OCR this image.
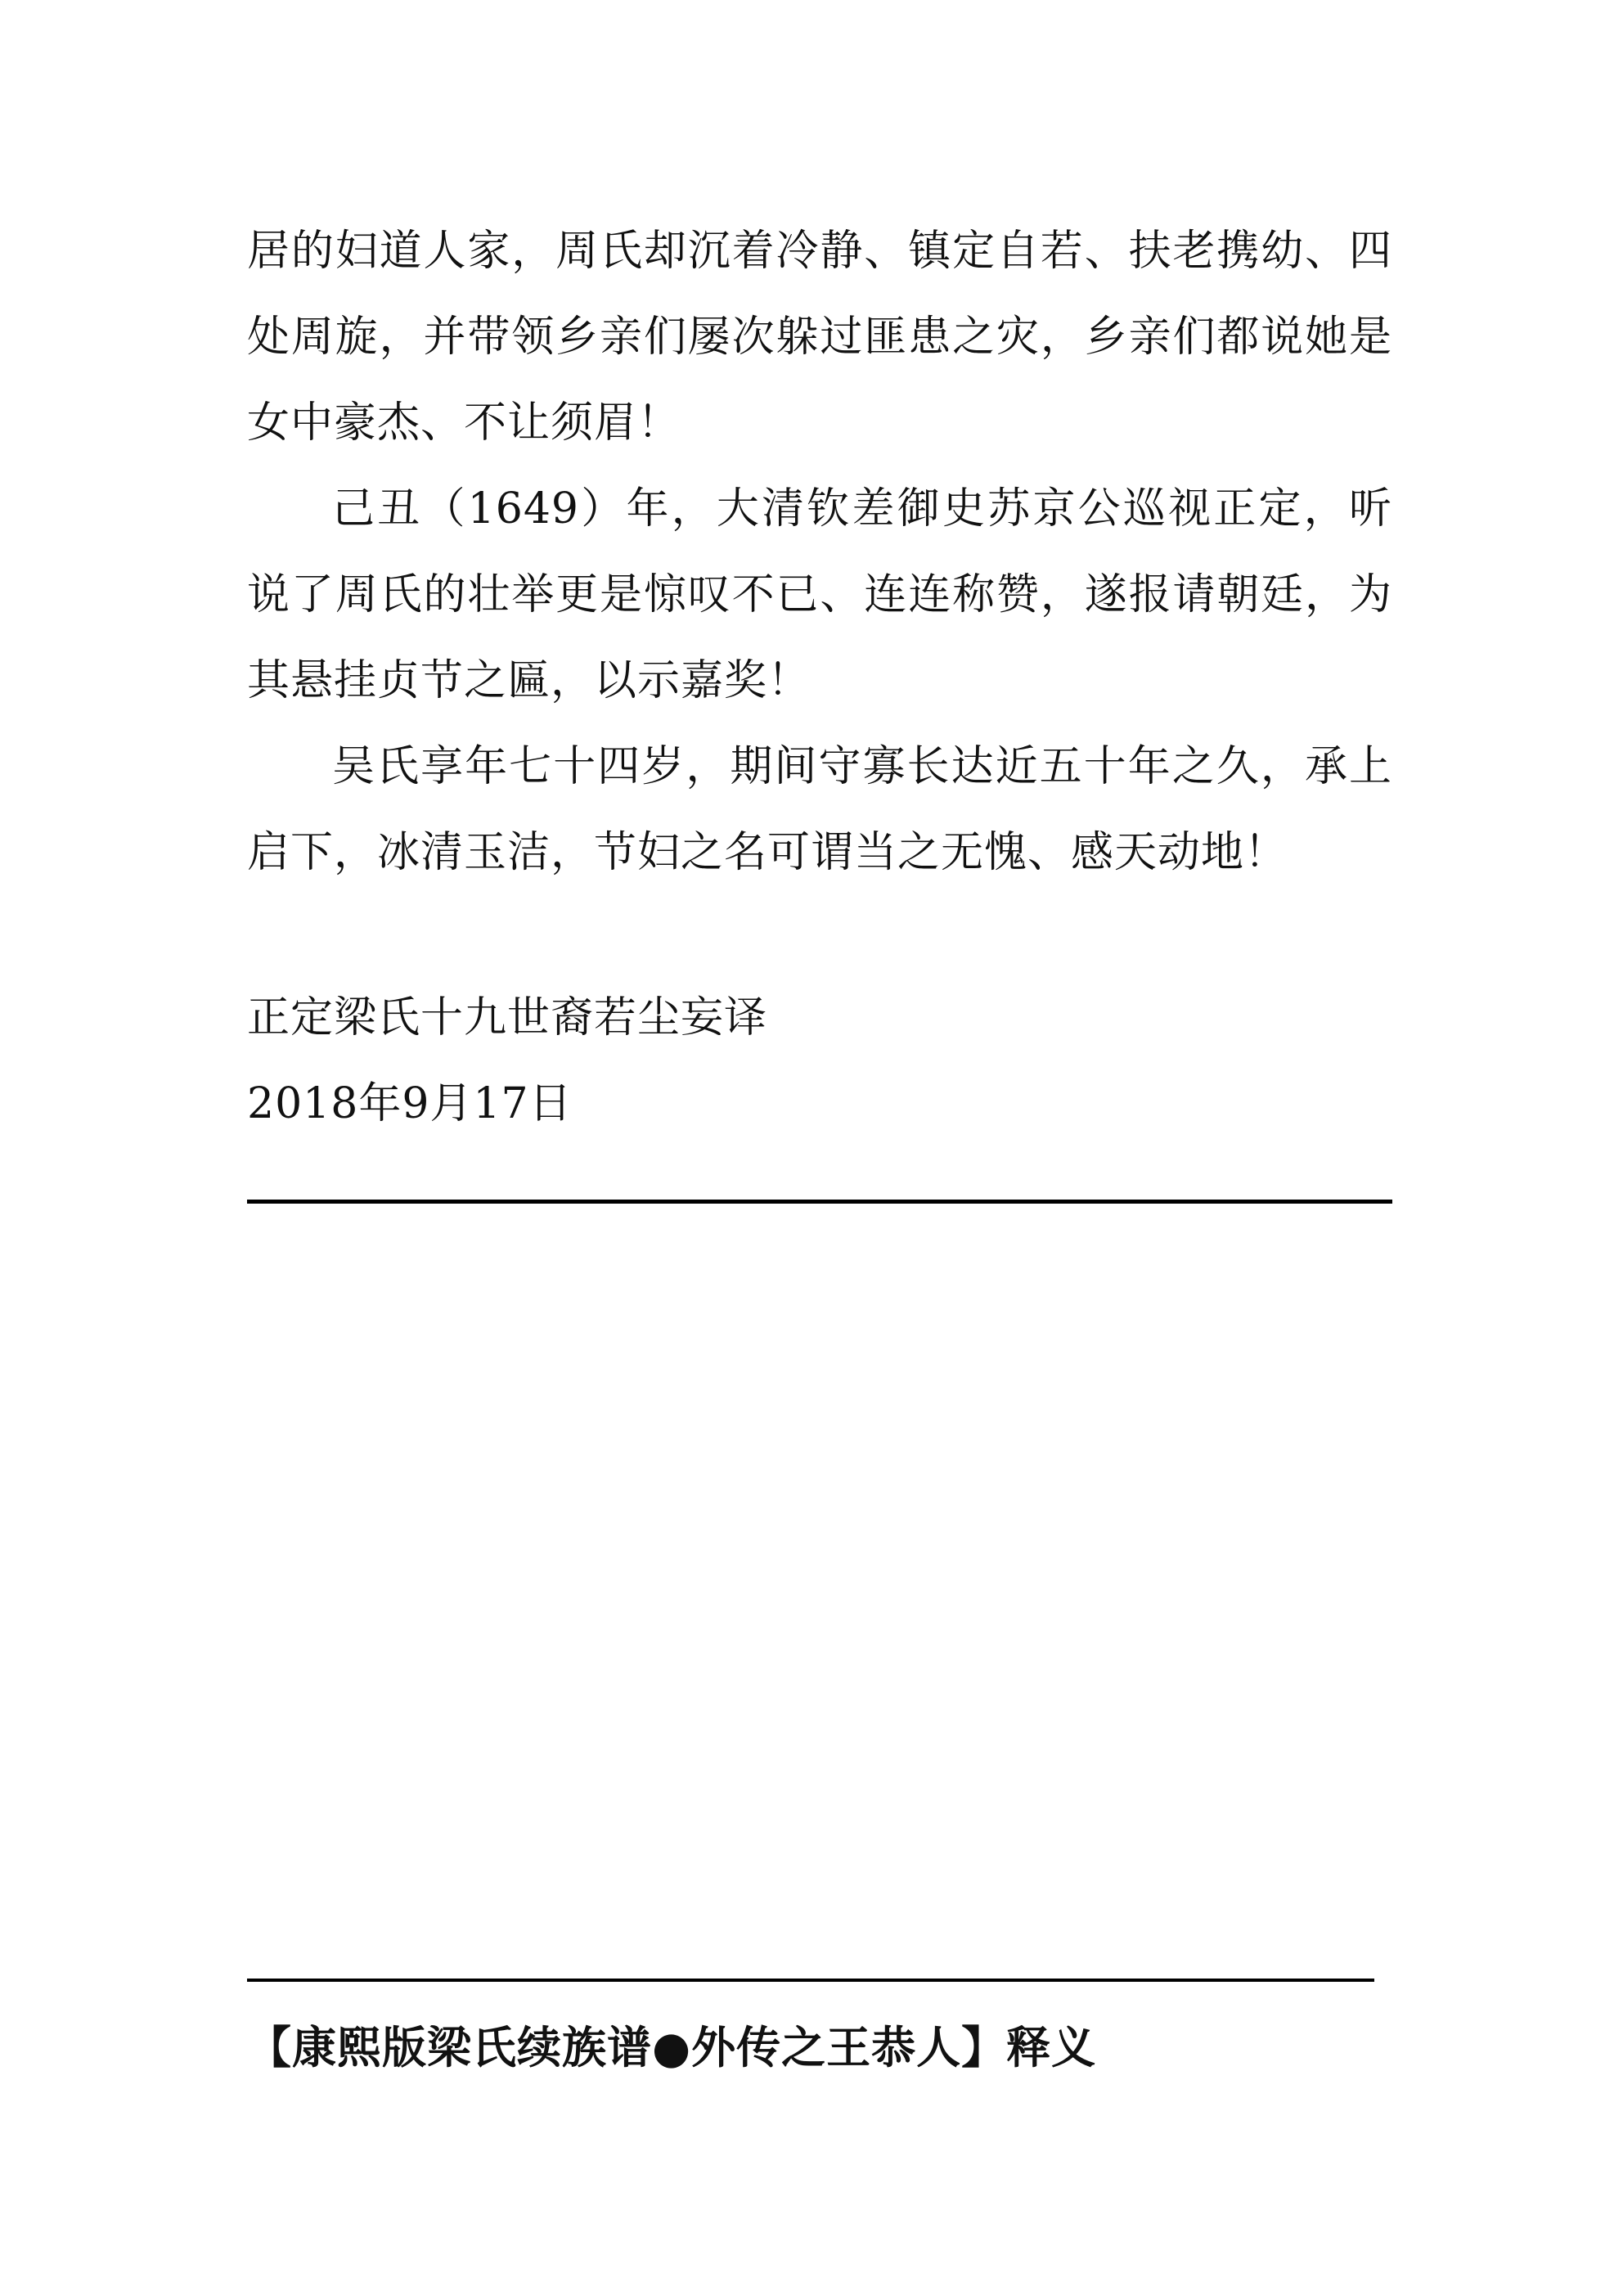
居的妇道人家，周氏却沉着冷静、镇定自若、扶老携幼、四处周旋，并带领乡亲们屡次躲过匪患之灾，乡亲们都说她是女中豪杰、不让须眉！

己丑（1649）年，大清钦差御史苏京公巡视正定，听说了周氏的壮举更是惊叹不已、连连称赞，遂报请朝廷，为其悬挂贞节之匾，以示嘉奖！

吴氏享年七十四岁，期间守寡长达近五十年之久，承上启下，冰清玉洁，节妇之名可谓当之无愧、感天动地！

正定梁氏十九世裔若尘妄译
2018年9月17日
【康熙版梁氏续族谱●外传之王恭人】释义
